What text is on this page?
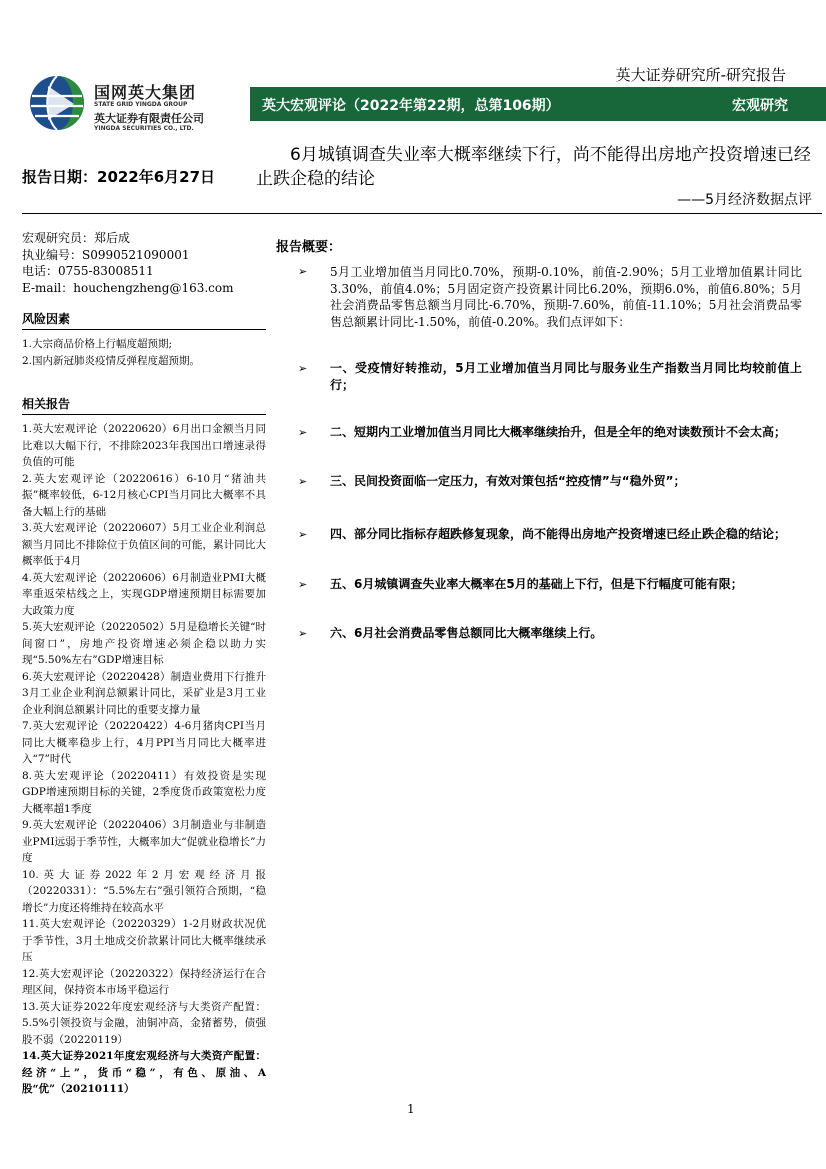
国网英大集团
STATE GRID YINGDA GROUP
英大证券有限责任公司
YINGDA SECURITIES CO., LTD.
英大证券研究所-研究报告
英大宏观评论（2022年第22期，总第106期）	宏观研究
报告日期：2022年6月27日
6月城镇调查失业率大概率继续下行，尚不能得出房地产投资增速已经止跌企稳的结论
——5月经济数据点评

宏观研究员：郑后成

执业编号：S0990521090001

电话：0755-83008511

E-mail：houchengzheng@163.com

风险因素

1.大宗商品价格上行幅度超预期;

2.国内新冠肺炎疫情反弹程度超预期。

相关报告

1.英大宏观评论（20220620）6月出口金额当月同比难以大幅下行，不排除2023年我国出口增速录得负值的可能

2.英大宏观评论（20220616）6-10月“猪油共振”概率较低，6-12月核心CPI当月同比大概率不具备大幅上行的基础

3.英大宏观评论（20220607）5月工业企业利润总额当月同比不排除位于负值区间的可能，累计同比大概率低于4月

4.英大宏观评论（20220606）6月制造业PMI大概率重返荣枯线之上，实现GDP增速预期目标需要加大政策力度

5.英大宏观评论（20220502）5月是稳增长关键“时间窗口”，房地产投资增速必须企稳以助力实现“5.50%左右”GDP增速目标

6.英大宏观评论（20220428）制造业费用下行推升3月工业企业利润总额累计同比，采矿业是3月工业企业利润总额累计同比的重要支撑力量

7.英大宏观评论（20220422）4-6月猪肉CPI当月同比大概率稳步上行，4月PPI当月同比大概率进入“7”时代

8.英大宏观评论（20220411）有效投资是实现GDP增速预期目标的关键，2季度货币政策宽松力度大概率超1季度

9.英大宏观评论（20220406）3月制造业与非制造业PMI远弱于季节性，大概率加大“促就业稳增长”力度

10.英大证券2022年2月宏观经济月报（20220331）：“5.5%左右”强引领符合预期，“稳增长”力度还将维持在较高水平

11.英大宏观评论（20220329）1-2月财政状况优于季节性，3月土地成交价款累计同比大概率继续承压

12.英大宏观评论（20220322）保持经济运行在合理区间，保持资本市场平稳运行

13.英大证券2022年度宏观经济与大类资产配置：5.5%引领投资与金融，油铜冲高，金猪蓄势，债强股不弱（20220119）

14.英大证券2021年度宏观经济与大类资产配置：经济“上”，货币“稳”，有色、原油、A股“优”（20210111）

报告概要：
➢	5月工业增加值当月同比0.70%，预期-0.10%，前值-2.90%；5月工业增加值累计同比3.30%，前值4.0%；5月固定资产投资累计同比6.20%，预期6.0%，前值6.80%；5月社会消费品零售总额当月同比-6.70%，预期-7.60%，前值-11.10%；5月社会消费品零售总额累计同比-1.50%，前值-0.20%。我们点评如下：
➢	一、受疫情好转推动，5月工业增加值当月同比与服务业生产指数当月同比均较前值上行；
➢	二、短期内工业增加值当月同比大概率继续抬升，但是全年的绝对读数预计不会太高；
➢	三、民间投资面临一定压力，有效对策包括“控疫情”与“稳外贸”；
➢	四、部分同比指标存超跌修复现象，尚不能得出房地产投资增速已经止跌企稳的结论；
➢	五、6月城镇调查失业率大概率在5月的基础上下行，但是下行幅度可能有限；
➢	六、6月社会消费品零售总额同比大概率继续上行。
1
